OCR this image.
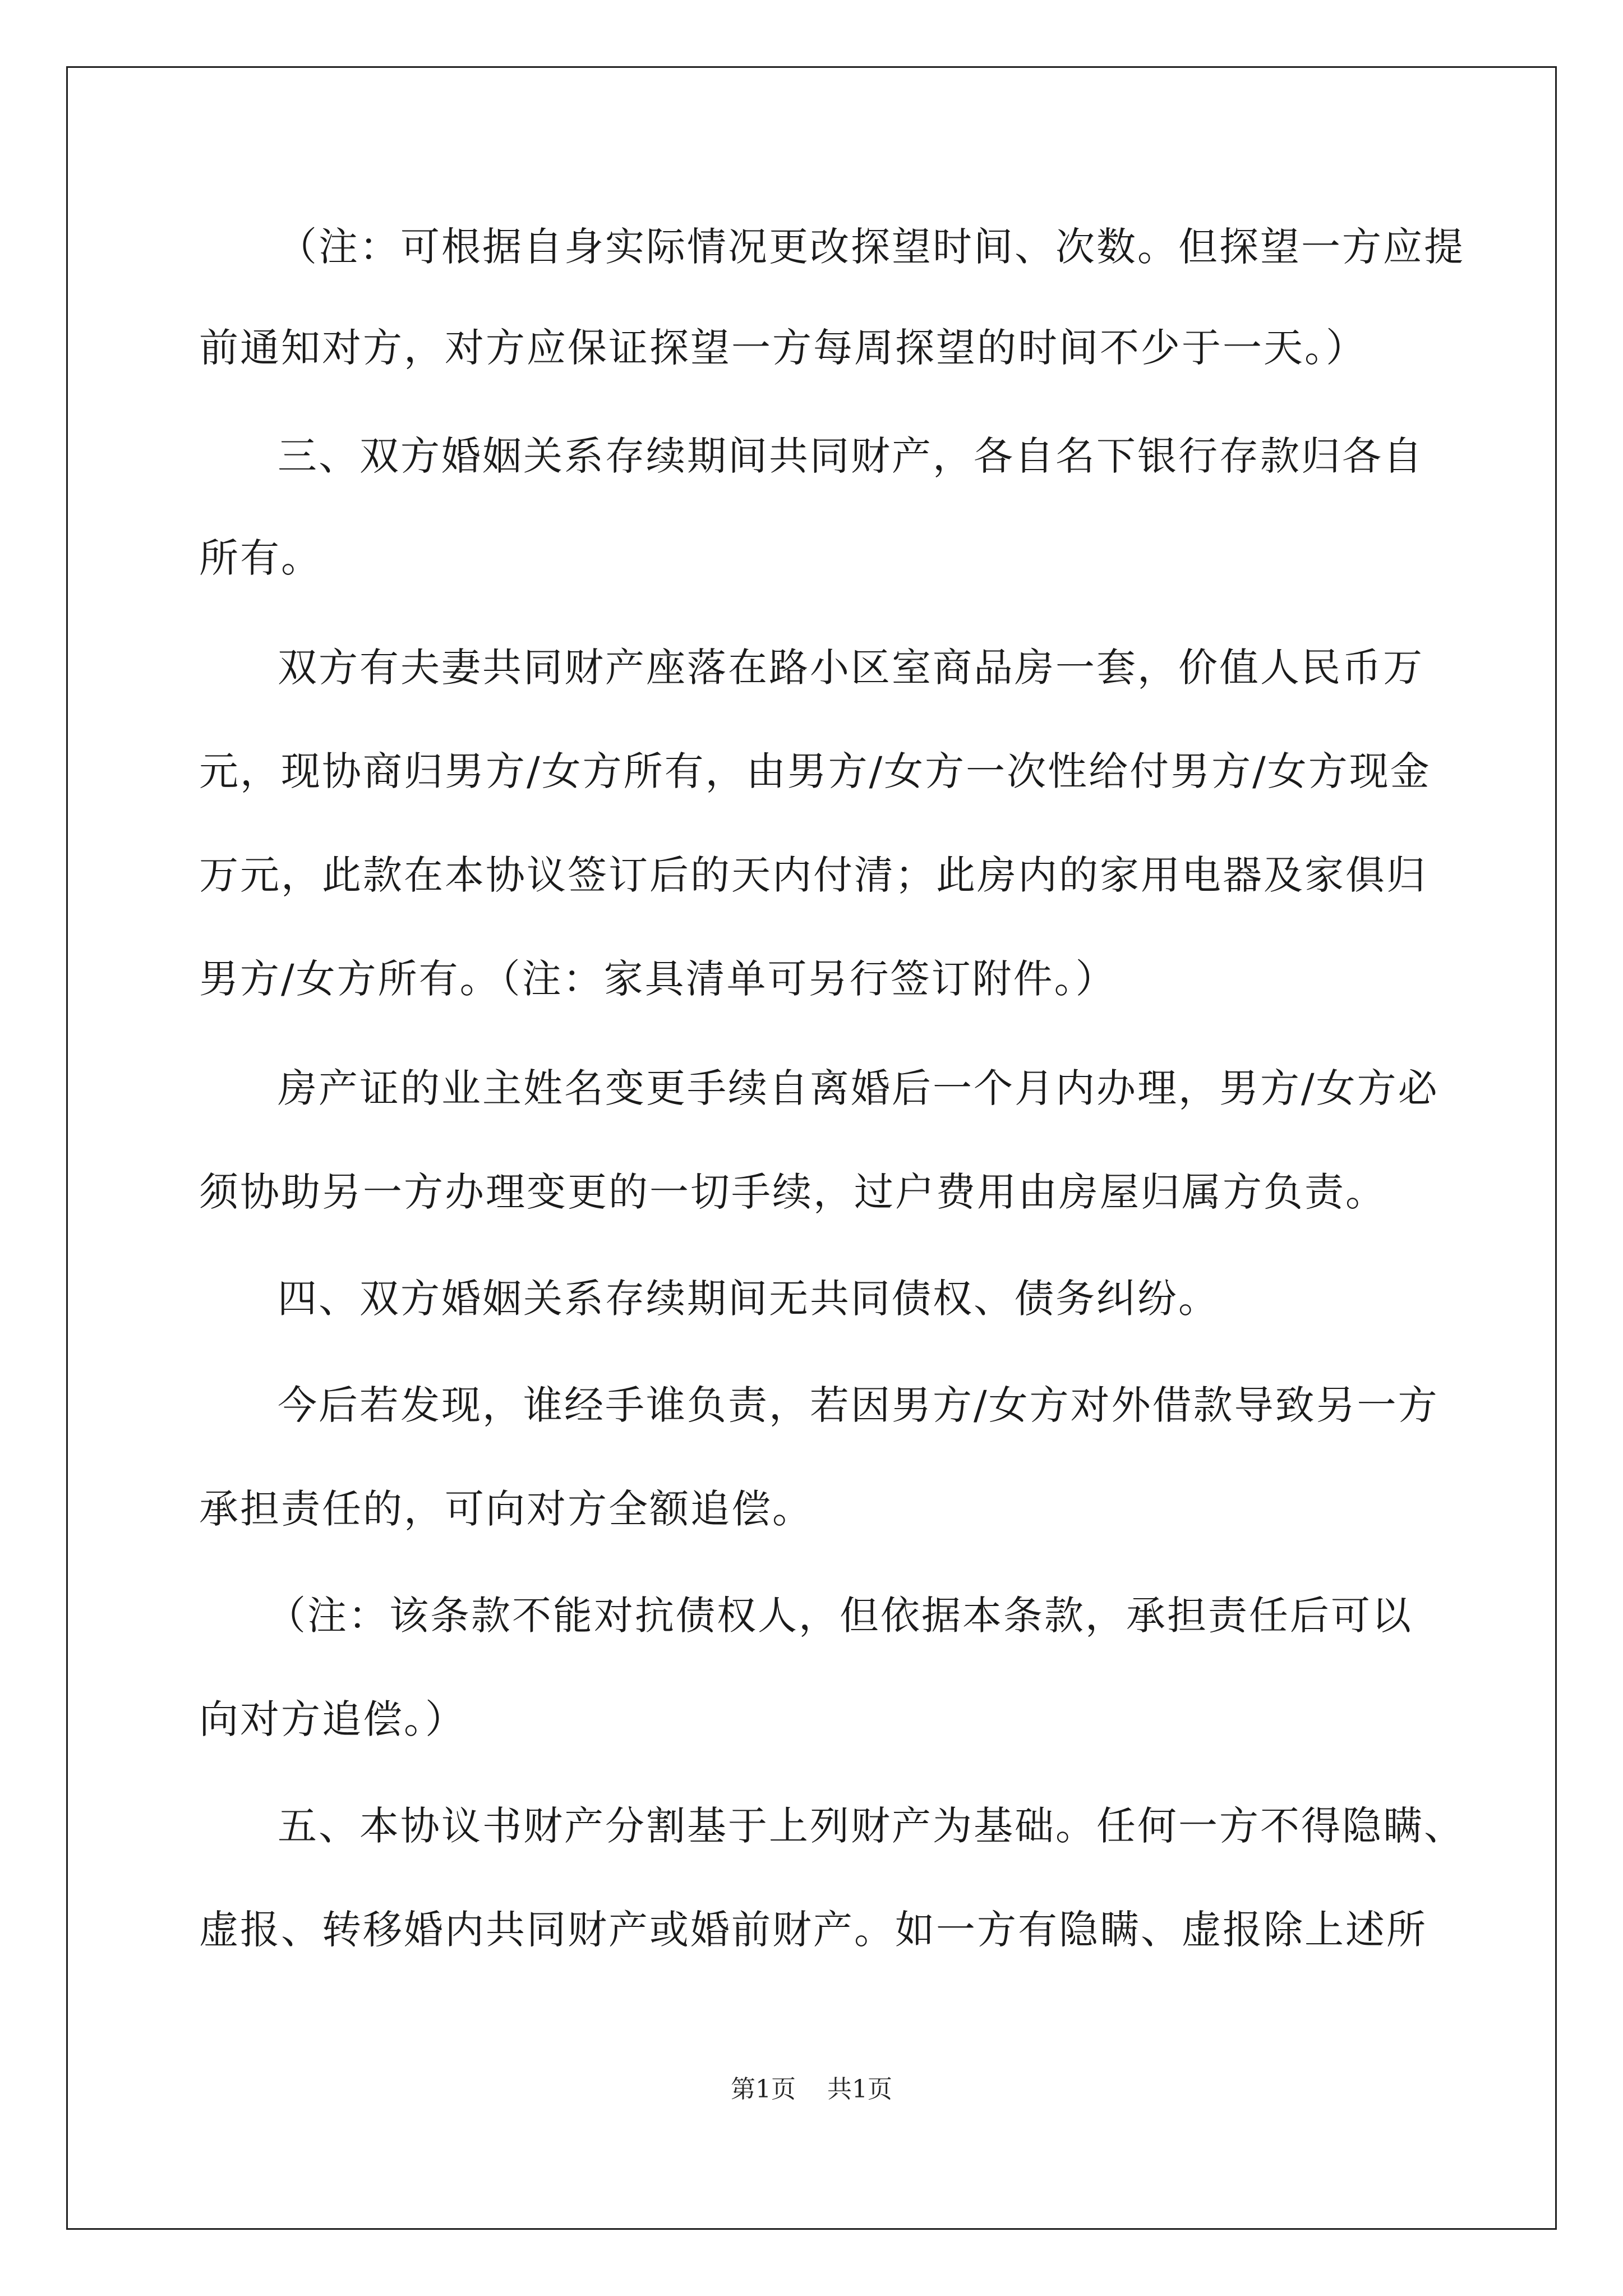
（注：可根据自身实际情况更改探望时间、次数。但探望一方应提
前通知对方，对方应保证探望一方每周探望的时间不少于一天。）
三、双方婚姻关系存续期间共同财产，各自名下银行存款归各自
所有。
双方有夫妻共同财产座落在路小区室商品房一套，价值人民币万
元，现协商归男方/女方所有，由男方/女方一次性给付男方/女方现金
万元，此款在本协议签订后的天内付清；此房内的家用电器及家俱归
男方/女方所有。（注：家具清单可另行签订附件。）
房产证的业主姓名变更手续自离婚后一个月内办理，男方/女方必
须协助另一方办理变更的一切手续，过户费用由房屋归属方负责。
四、双方婚姻关系存续期间无共同债权、债务纠纷。
今后若发现，谁经手谁负责，若因男方/女方对外借款导致另一方
承担责任的，可向对方全额追偿。
（注：该条款不能对抗债权人，但依据本条款，承担责任后可以
向对方追偿。）
五、本协议书财产分割基于上列财产为基础。任何一方不得隐瞒、
虚报、转移婚内共同财产或婚前财产。如一方有隐瞒、虚报除上述所
第1页    共1页
